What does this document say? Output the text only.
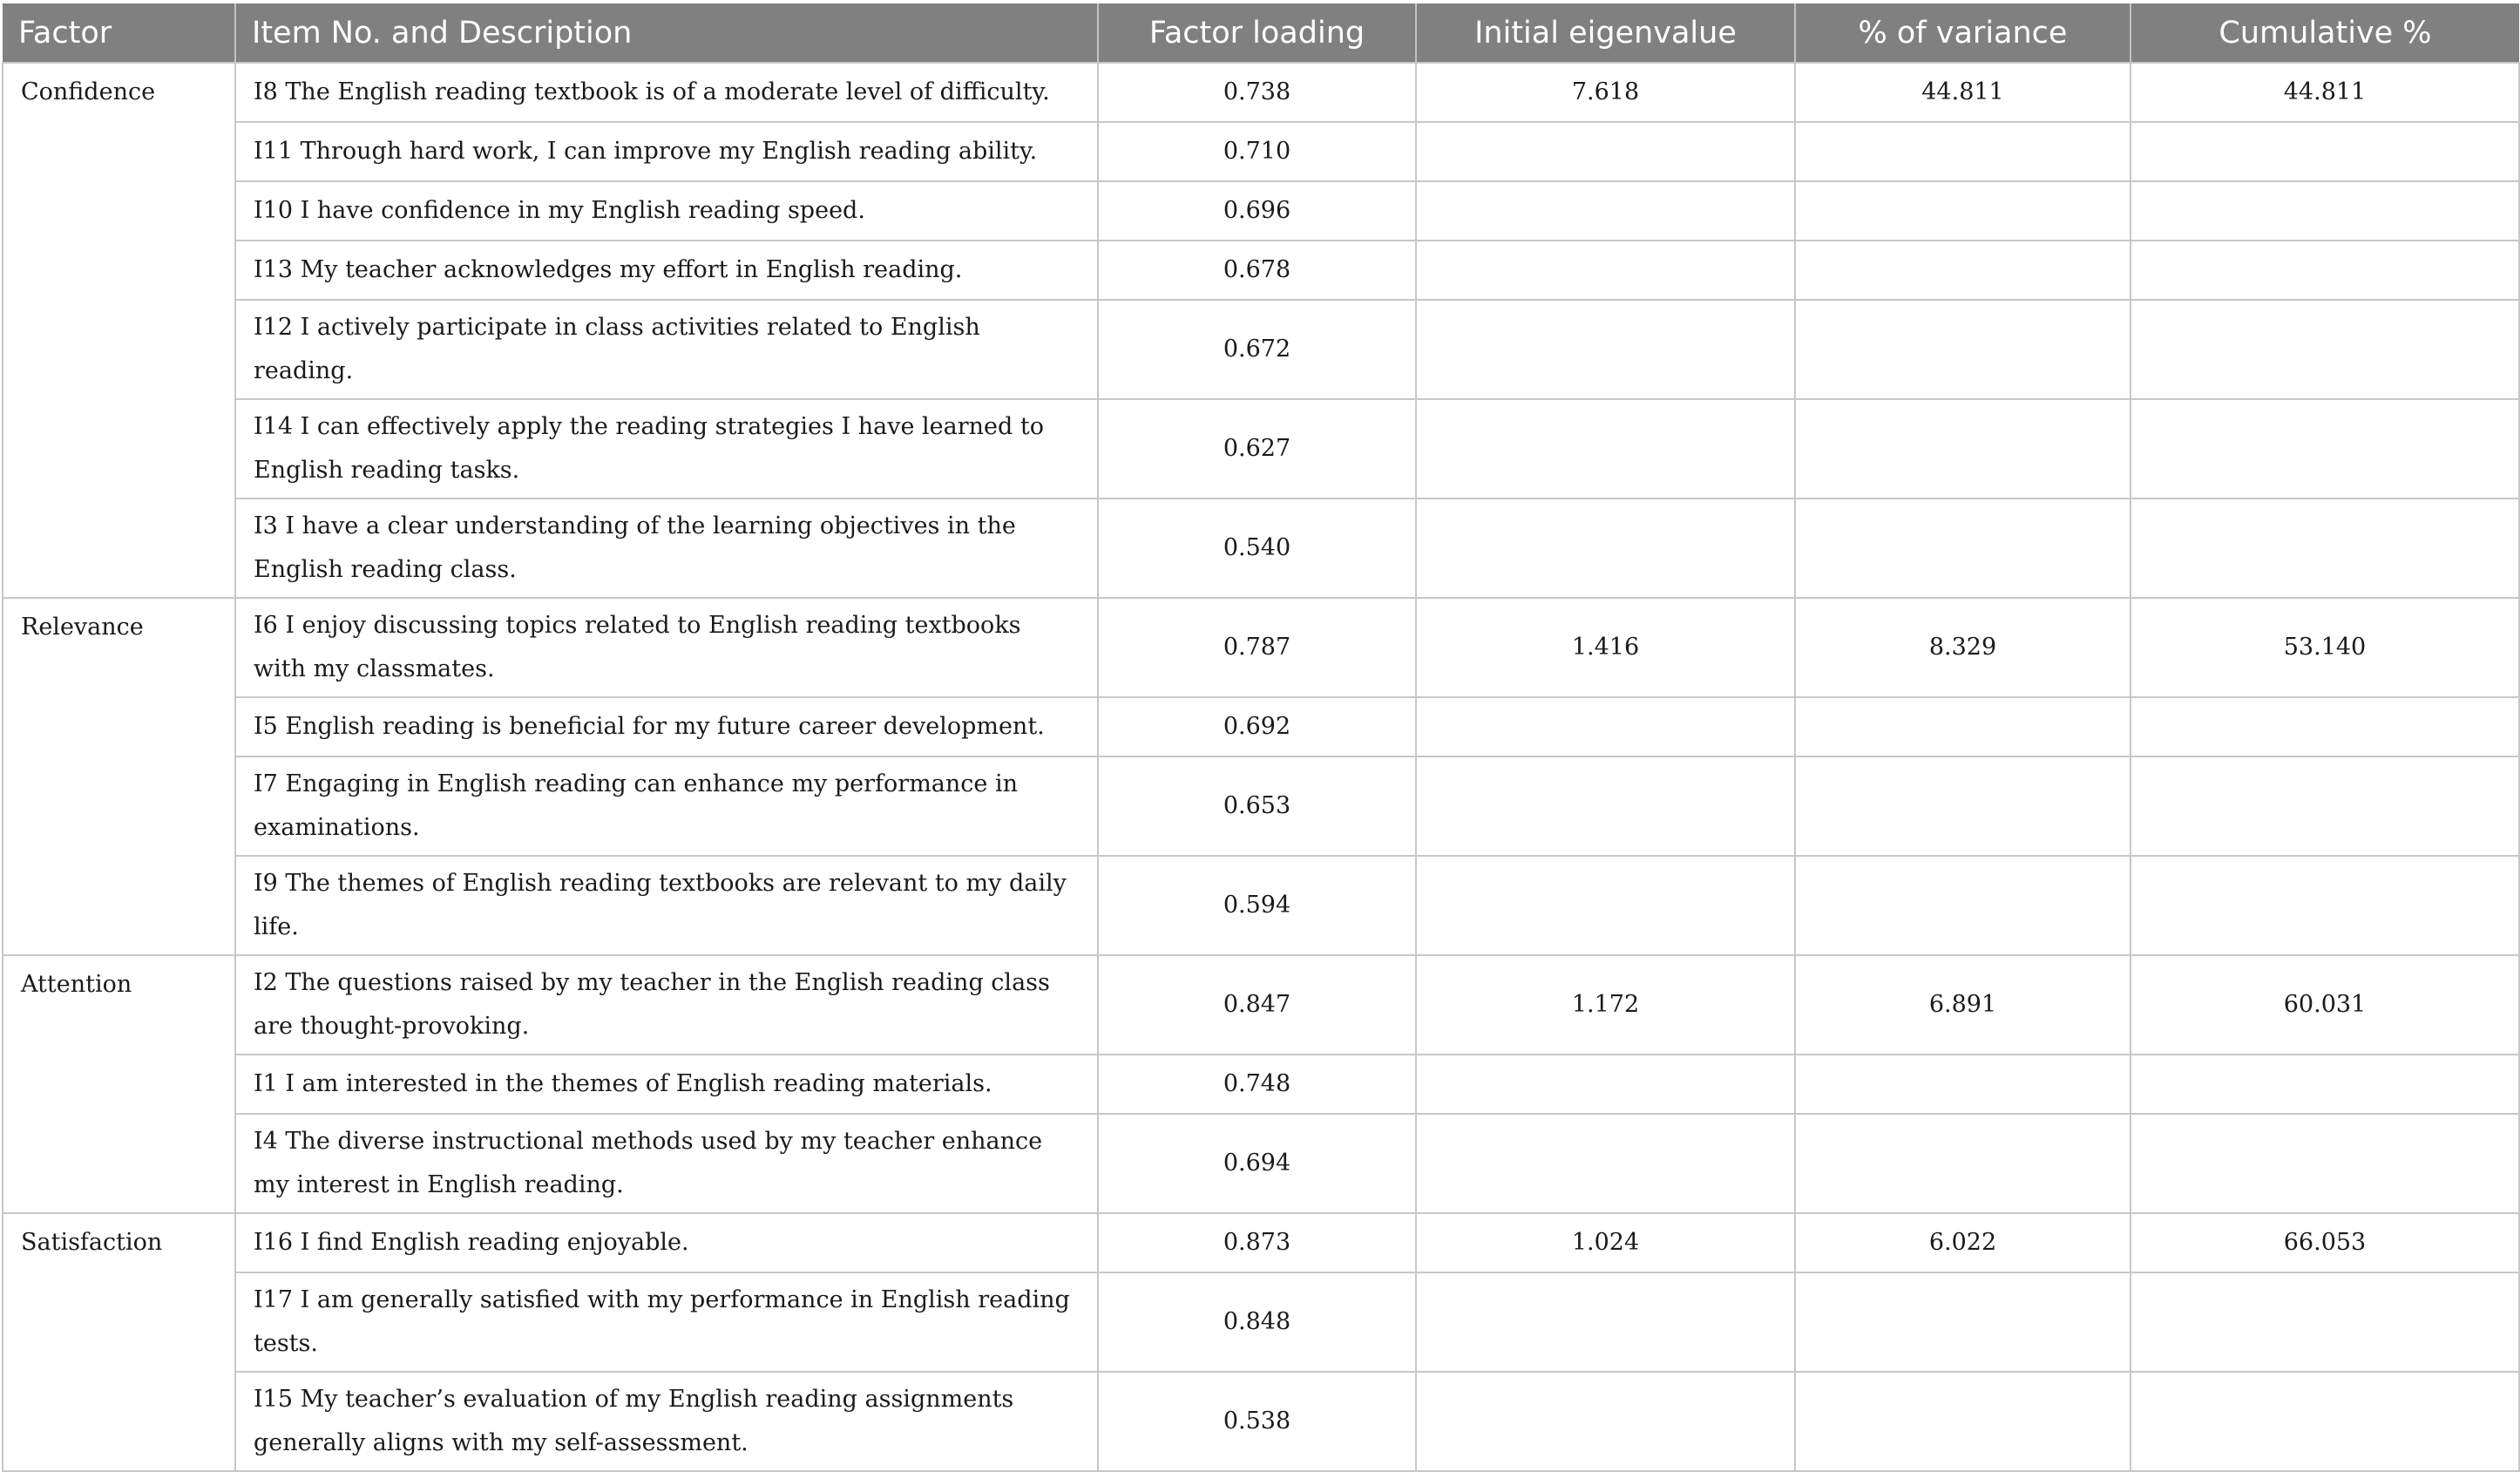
Factor	Item No. and Description	Factor loading	Initial eigenvalue	% of variance	Cumulative %
Confidence	I8 The English reading textbook is of a moderate level of difficulty.	0.738	7.618	44.811	44.811
	I11 Through hard work, I can improve my English reading ability.	0.710			
	I10 I have confidence in my English reading speed.	0.696			
	I13 My teacher acknowledges my effort in English reading.	0.678			
	I12 I actively participate in class activities related to English reading.	0.672			
	I14 I can effectively apply the reading strategies I have learned to English reading tasks.	0.627			
	I3 I have a clear understanding of the learning objectives in the English reading class.	0.540			
Relevance	I6 I enjoy discussing topics related to English reading textbooks with my classmates.	0.787	1.416	8.329	53.140
	I5 English reading is beneficial for my future career development.	0.692			
	I7 Engaging in English reading can enhance my performance in examinations.	0.653			
	I9 The themes of English reading textbooks are relevant to my daily life.	0.594			
Attention	I2 The questions raised by my teacher in the English reading class are thought-provoking.	0.847	1.172	6.891	60.031
	I1 I am interested in the themes of English reading materials.	0.748			
	I4 The diverse instructional methods used by my teacher enhance my interest in English reading.	0.694			
Satisfaction	I16 I find English reading enjoyable.	0.873	1.024	6.022	66.053
	I17 I am generally satisfied with my performance in English reading tests.	0.848			
	I15 My teacher’s evaluation of my English reading assignments generally aligns with my self-assessment.	0.538			
